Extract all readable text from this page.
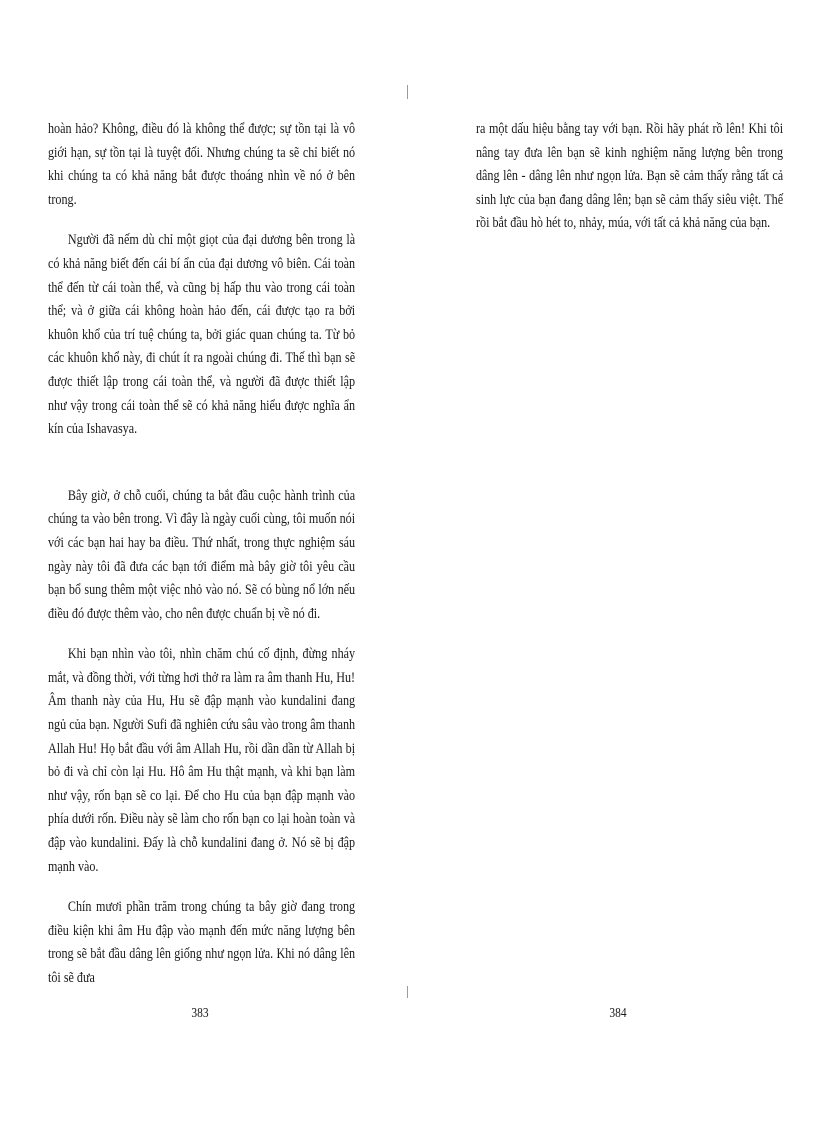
hoàn hảo? Không, điều đó là không thể được; sự tồn tại là vô giới hạn, sự tồn tại là tuyệt đối. Nhưng chúng ta sẽ chỉ biết nó khi chúng ta có khả năng bắt được thoáng nhìn về nó ở bên trong.

Người đã nếm dù chỉ một giọt của đại dương bên trong là có khả năng biết đến cái bí ẩn của đại dương vô biên. Cái toàn thể đến từ cái toàn thể, và cũng bị hấp thu vào trong cái toàn thể; và ở giữa cái không hoàn hảo đến, cái được tạo ra bởi khuôn khổ của trí tuệ chúng ta, bởi giác quan chúng ta. Từ bỏ các khuôn khổ này, đi chút ít ra ngoài chúng đi. Thế thì bạn sẽ được thiết lập trong cái toàn thể, và người đã được thiết lập như vậy trong cái toàn thể sẽ có khả năng hiểu được nghĩa ẩn kín của Ishavasya.

Bây giờ, ở chỗ cuối, chúng ta bắt đầu cuộc hành trình của chúng ta vào bên trong. Vì đây là ngày cuối cùng, tôi muốn nói với các bạn hai hay ba điều. Thứ nhất, trong thực nghiệm sáu ngày này tôi đã đưa các bạn tới điểm mà bây giờ tôi yêu cầu bạn bổ sung thêm một việc nhỏ vào nó. Sẽ có bùng nổ lớn nếu điều đó được thêm vào, cho nên được chuẩn bị về nó đi.

Khi bạn nhìn vào tôi, nhìn chăm chú cố định, đừng nháy mắt, và đồng thời, với từng hơi thở ra làm ra âm thanh Hu, Hu! Âm thanh này của Hu, Hu sẽ đập mạnh vào kundalini đang ngủ của bạn. Người Sufi đã nghiên cứu sâu vào trong âm thanh Allah Hu! Họ bắt đầu với âm Allah Hu, rồi dần dần từ Allah bị bỏ đi và chỉ còn lại Hu. Hô âm Hu thật mạnh, và khi bạn làm như vậy, rốn bạn sẽ co lại. Để cho Hu của bạn đập mạnh vào phía dưới rốn. Điều này sẽ làm cho rốn bạn co lại hoàn toàn và đập vào kundalini. Đấy là chỗ kundalini đang ở. Nó sẽ bị đập mạnh vào.

Chín mươi phần trăm trong chúng ta bây giờ đang trong điều kiện khi âm Hu đập vào mạnh đến mức năng lượng bên trong sẽ bắt đầu dâng lên giống như ngọn lửa. Khi nó dâng lên tôi sẽ đưa

ra một dấu hiệu bằng tay với bạn. Rồi hãy phát rồ lên! Khi tôi nâng tay đưa lên bạn sẽ kinh nghiệm năng lượng bên trong dâng lên - dâng lên như ngọn lửa. Bạn sẽ cảm thấy rằng tất cả sinh lực của bạn đang dâng lên; bạn sẽ cảm thấy siêu việt. Thế rồi bắt đầu hò hét to, nhảy, múa, với tất cả khả năng của bạn.

383	384
